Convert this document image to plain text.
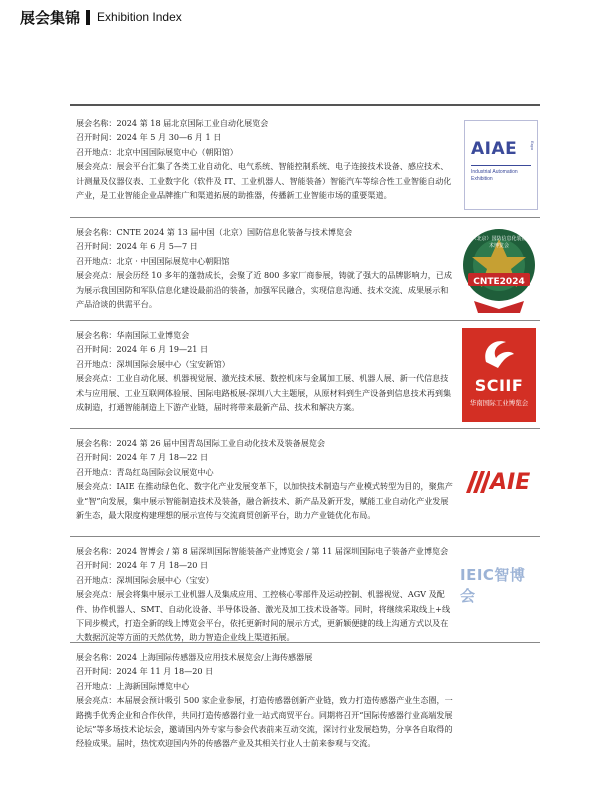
展会集锦 Exhibition Index
展会名称：2024 第 18 届北京国际工业自动化展览会
召开时间：2024 年 5 月 30—6 月 1 日
召开地点：北京中国国际展览中心（朝阳馆）
展会亮点：展会平台汇集了各类工业自动化、电气系统、智能控制系统、电子连接技术设备、感应技术、计测量及仪器仪表、工业数字化（软件及 IT、工业机器人、智能装备）智能汽车等综合性工业智能自动化产业，是工业智能企业品牌推广和渠道拓展的助推器，传播新工业智能市场的重要渠道。
AIAE	Expo
Industrial Automation Exhibition
展会名称：CNTE 2024 第 13 届中国（北京）国防信息化装备与技术博览会
召开时间：2024 年 6 月 5—7 日
召开地点：北京 · 中国国际展览中心朝阳馆
展会亮点：展会历经 10 多年的蓬勃成长，会聚了近 800 多家厂商参展，铸就了强大的品牌影响力，已成为展示我国国防和军队信息化建设最前沿的装备，加强军民融合，实现信息沟通、技术交流、成果展示和产品洽谈的供需平台。
中国（北京）国防信息化装备与技术博览会
CNTE2024
展会名称：华南国际工业博览会
召开时间：2024 年 6 月 19—21 日
召开地点：深圳国际会展中心（宝安新馆）
展会亮点：工业自动化展、机器视觉展、激光技术展、数控机床与金属加工展、机器人展、新一代信息技术与应用展、工业互联网体验展、国际电路板展-深圳八大主题展，从原材料到生产设备到信息技术再到集成制造，打通智能制造上下游产业链，届时将带来最新产品、技术和解决方案。
SCIIF
华南国际工业博览会
展会名称：2024 第 26 届中国青岛国际工业自动化技术及装备展览会
召开时间：2024 年 7 月 18—22 日
召开地点：青岛红岛国际会议展览中心
展会亮点：IAIE 在推动绿色化、数字化产业发展变革下，以加快技术制造与产业模式转型为目的，聚焦产业“智”向发展，集中展示智能制造技术及装备，融合新技术、新产品及新开发，赋能工业自动化产业发展新生态，最大限度构建理想的展示宣传与交流商贸创新平台，助力产业链优化布局。
AIE
展会名称：2024 智博会 / 第 8 届深圳国际智能装备产业博览会 / 第 11 届深圳国际电子装备产业博览会
召开时间：2024 年 7 月 18—20 日
召开地点：深圳国际会展中心（宝安）
展会亮点：展会将集中展示工业机器人及集成应用、工控核心零部件及运动控制、机器视觉、AGV 及配件、协作机器人、SMT、自动化设备、半导体设备、激光及加工技术设备等。同时，将继续采取线上+线下同步模式，打造全新的线上博览会平台，依托更新时间的展示方式，更新颖便捷的线上沟通方式以及在大数据沉淀等方面的天然优势，助力智造企业线上渠道拓展。
IEIC智博会
展会名称：2024 上海国际传感器及应用技术展览会/上海传感器展
召开时间：2024 年 11 月 18—20 日
召开地点：上海新国际博览中心
展会亮点：本届展会预计吸引 500 家企业参展，打造传感器创新产业链，致力打造传感器产业生态圈，一路携手优秀企业和合作伙伴，共同打造传感器行业一站式商贸平台。同期将召开“国际传感器行业高端发展论坛”等多场技术论坛会，邀请国内外专家与参会代表前来互动交流，深讨行业发展趋势，分享各自取得的经验成果。届时，热忱欢迎国内外的传感器产业及其相关行业人士前来参观与交流。
